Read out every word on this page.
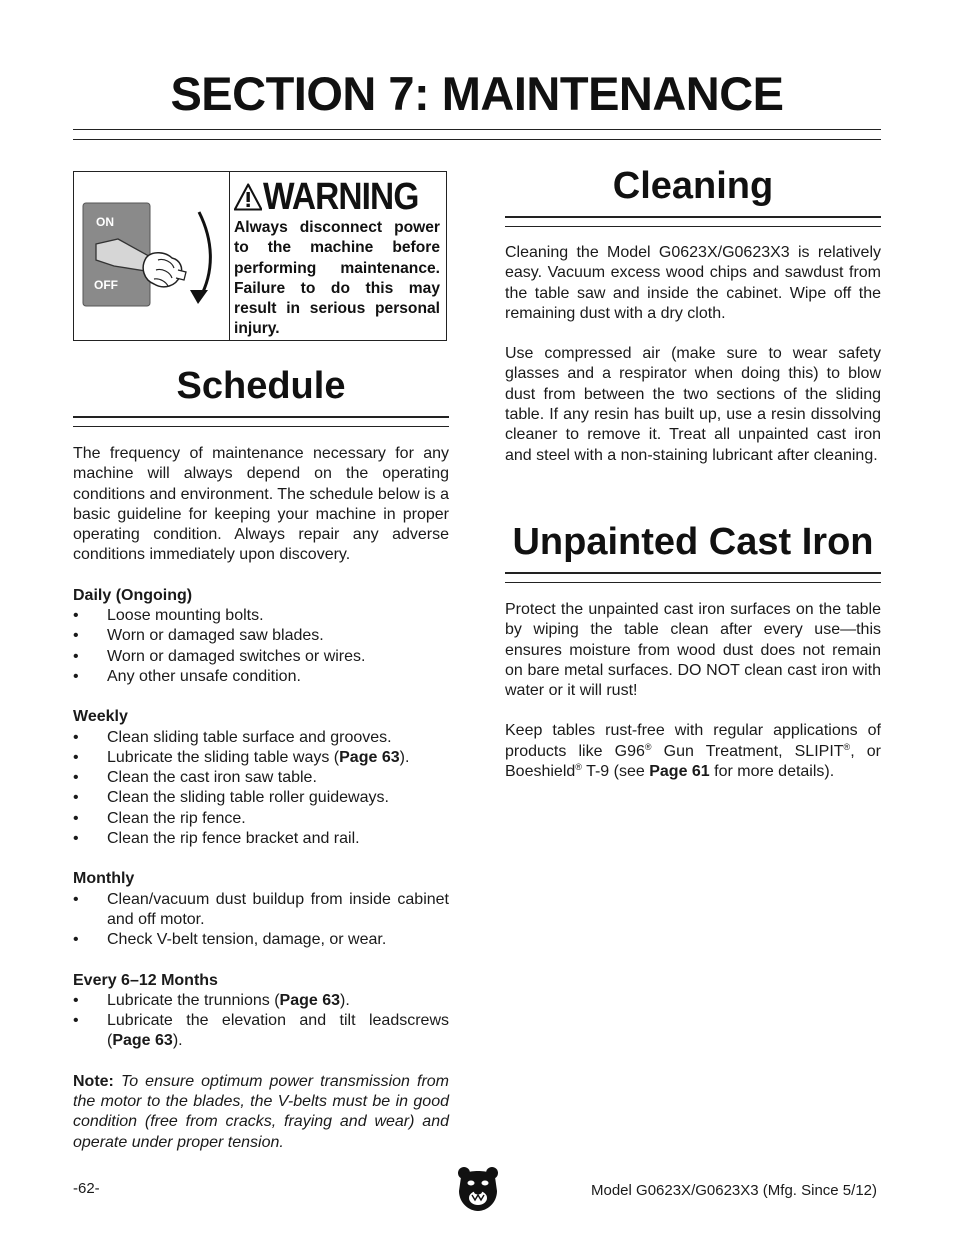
SECTION 7: MAINTENANCE
ON
OFF
WARNING
Always disconnect power to the machine before performing maintenance. Failure to do this may result in serious personal injury.
Schedule

The frequency of maintenance necessary for any machine will always depend on the operating conditions and environment. The schedule below is a basic guideline for keeping your machine in proper operating condition. Always repair any adverse conditions immediately upon discovery.

Daily (Ongoing)

• Loose mounting bolts.
• Worn or damaged saw blades.
• Worn or damaged switches or wires.
• Any other unsafe condition.

Weekly

• Clean sliding table surface and grooves.
• Lubricate the sliding table ways (Page 63).
• Clean the cast iron saw table.
• Clean the sliding table roller guideways.
• Clean the rip fence.
• Clean the rip fence bracket and rail.

Monthly

• Clean/vacuum dust buildup from inside cabinet and off motor.
• Check V-belt tension, damage, or wear.

Every 6–12 Months

• Lubricate the trunnions (Page 63).
• Lubricate the elevation and tilt leadscrews (Page 63).

Note: To ensure optimum power transmission from the motor to the blades, the V-belts must be in good condition (free from cracks, fraying and wear) and operate under proper tension.

Cleaning

Cleaning the Model G0623X/G0623X3 is relatively easy. Vacuum excess wood chips and sawdust from the table saw and inside the cabinet. Wipe off the remaining dust with a dry cloth.

Use compressed air (make sure to wear safety glasses and a respirator when doing this) to blow dust from between the two sections of the sliding table. If any resin has built up, use a resin dissolving cleaner to remove it. Treat all unpainted cast iron and steel with a non-staining lubricant after cleaning.

Unpainted Cast Iron

Protect the unpainted cast iron surfaces on the table by wiping the table clean after every use—this ensures moisture from wood dust does not remain on bare metal surfaces. DO NOT clean cast iron with water or it will rust!

Keep tables rust-free with regular applications of products like G96® Gun Treatment, SLIPIT®, or Boeshield® T-9 (see Page 61 for more details).

-62-	Model G0623X/G0623X3 (Mfg. Since 5/12)
